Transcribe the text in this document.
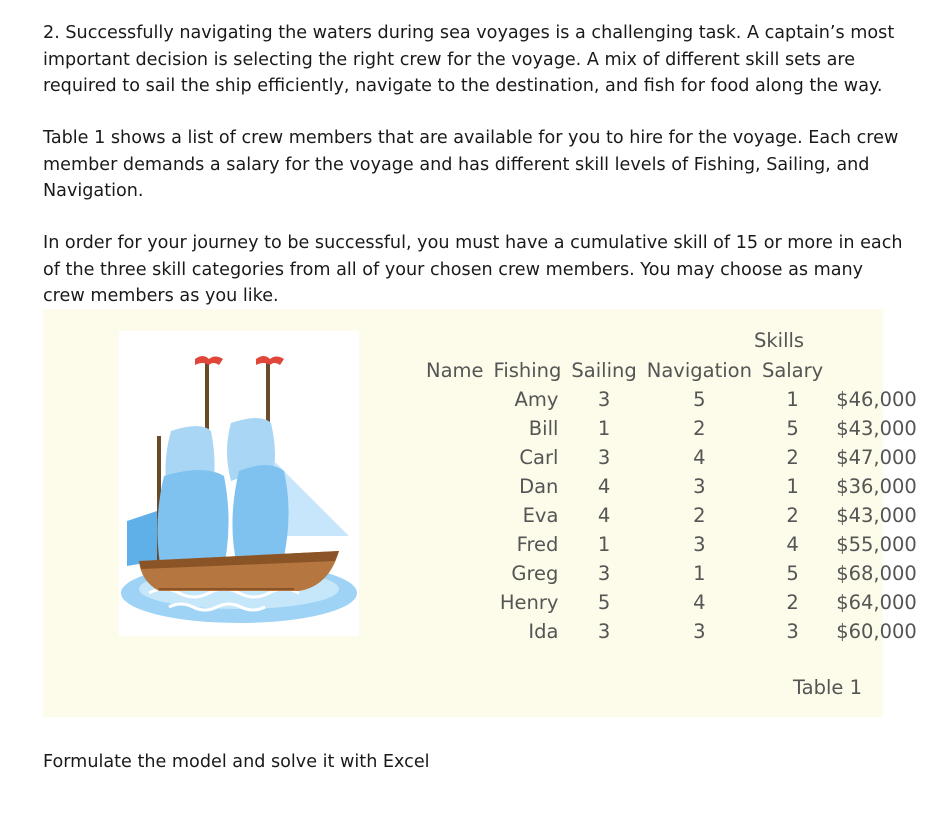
2. Successfully navigating the waters during sea voyages is a challenging task. A captain’s most important decision is selecting the right crew for the voyage. A mix of different skill sets are required to sail the ship efficiently, navigate to the destination, and fish for food along the way.

Table 1 shows a list of crew members that are available for you to hire for the voyage. Each crew member demands a salary for the voyage and has different skill levels of Fishing, Sailing, and Navigation.

In order for your journey to be successful, you must have a cumulative skill of 15 or more in each of the three skill categories from all of your chosen crew members. You may choose as many crew members as you like.

Skills
Name	Fishing	Sailing	Navigation	Salary	
Amy		3	5	1	$46,000
Bill		1	2	5	$43,000
Carl		3	4	2	$47,000
Dan		4	3	1	$36,000
Eva		4	2	2	$43,000
Fred		1	3	4	$55,000
Greg		3	1	5	$68,000
Henry		5	4	2	$64,000
Ida		3	3	3	$60,000
Table 1
Formulate the model and solve it with Excel
